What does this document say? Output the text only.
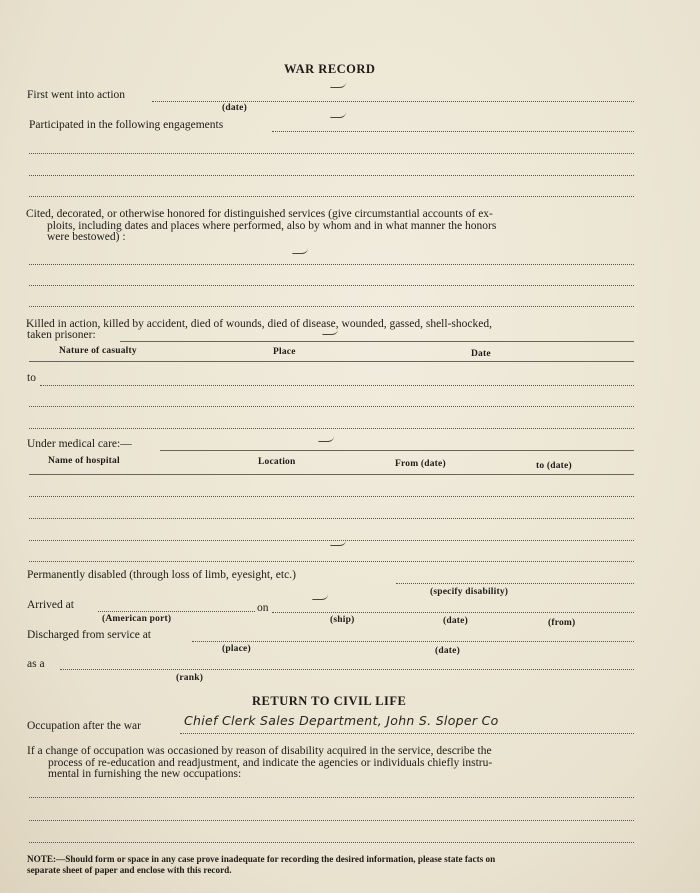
WAR RECORD
First went into action
(date)
Participated in the following engagements
Cited, decorated, or otherwise honored for distinguished services (give circumstantial accounts of ex-
ploits, including dates and places where performed, also by whom and in what manner the honors
were bestowed) :
Killed in action, killed by accident, died of wounds, died of disease, wounded, gassed, shell-shocked,
taken prisoner:
Nature of casualty	Place	Date
to
Under medical care:—
Name of hospital	Location	From (date)	to (date)
Permanently disabled (through loss of limb, eyesight, etc.)
(specify disability)
Arrived at	on
(American port)	(ship)	(date)	(from)
Discharged from service at
(place)	(date)
as a
(rank)
RETURN TO CIVIL LIFE
Occupation after the war	Chief Clerk Sales Department, John S. Sloper Co
If a change of occupation was occasioned by reason of disability acquired in the service, describe the
process of re-education and readjustment, and indicate the agencies or individuals chiefly instru-
mental in furnishing the new occupations:
NOTE:—Should form or space in any case prove inadequate for recording the desired information, please state facts on
separate sheet of paper and enclose with this record.
